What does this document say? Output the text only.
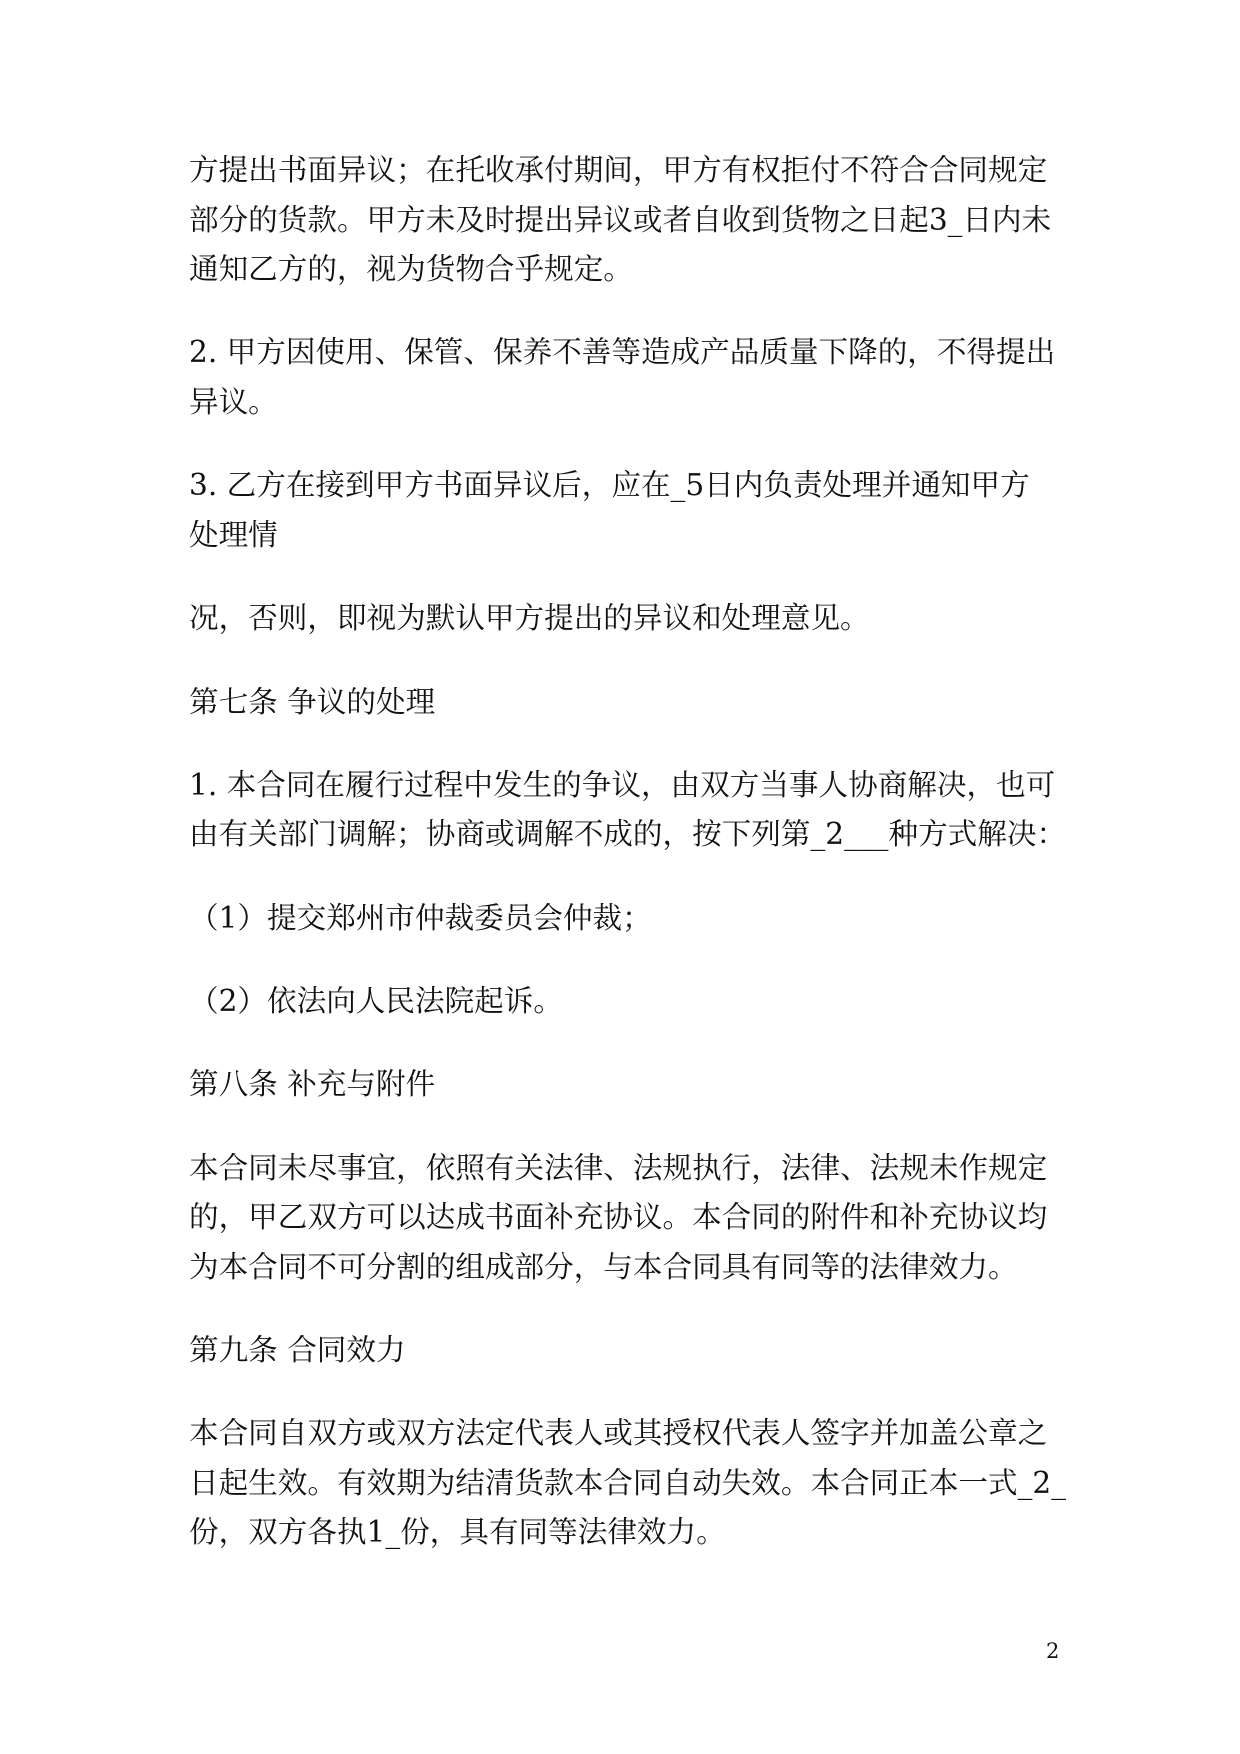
方提出书面异议；在托收承付期间，甲方有权拒付不符合合同规定
部分的货款。甲方未及时提出异议或者自收到货物之日起3_日内未
通知乙方的，视为货物合乎规定。
2. 甲方因使用、保管、保养不善等造成产品质量下降的，不得提出
异议。
3. 乙方在接到甲方书面异议后，应在_5日内负责处理并通知甲方
处理情
况，否则，即视为默认甲方提出的异议和处理意见。
第七条 争议的处理
1. 本合同在履行过程中发生的争议，由双方当事人协商解决，也可
由有关部门调解；协商或调解不成的，按下列第_2___种方式解决：
（1）提交郑州市仲裁委员会仲裁；
（2）依法向人民法院起诉。
第八条 补充与附件
本合同未尽事宜，依照有关法律、法规执行，法律、法规未作规定
的，甲乙双方可以达成书面补充协议。本合同的附件和补充协议均
为本合同不可分割的组成部分，与本合同具有同等的法律效力。
第九条 合同效力
本合同自双方或双方法定代表人或其授权代表人签字并加盖公章之
日起生效。有效期为结清货款本合同自动失效。本合同正本一式_2_
份，双方各执1_份，具有同等法律效力。
2
